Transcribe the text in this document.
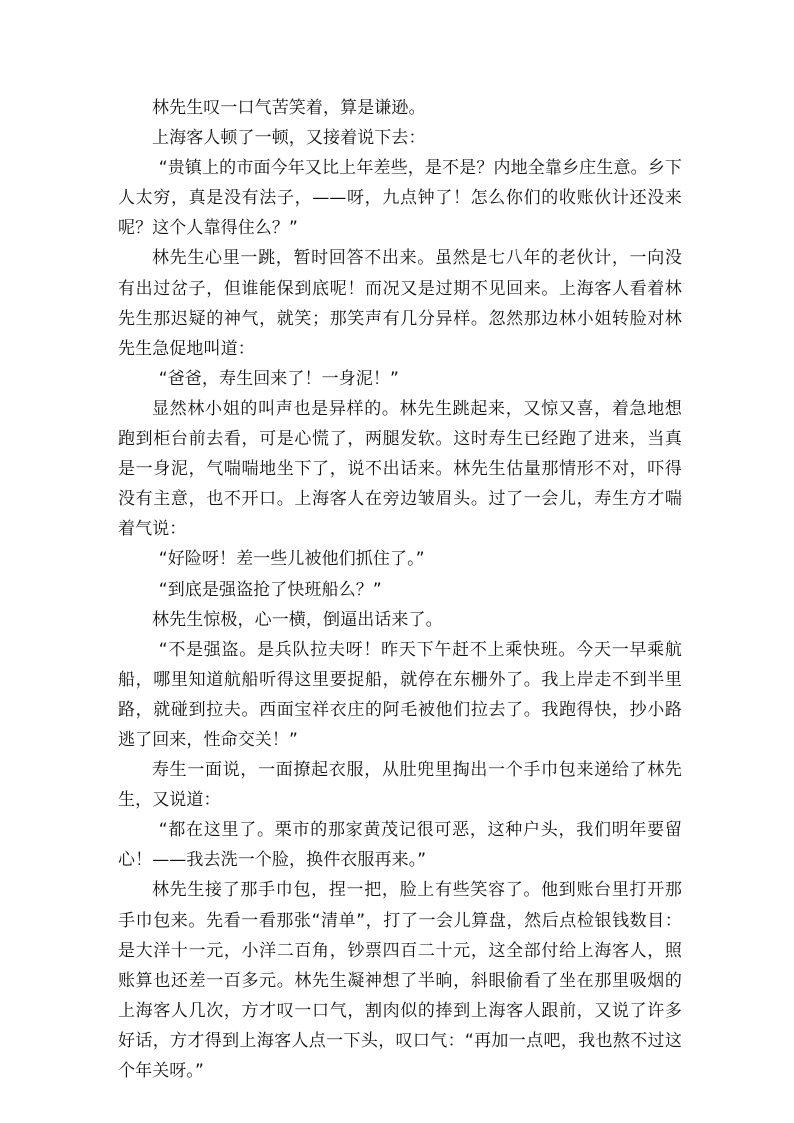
林先生叹一口气苦笑着，算是谦逊。

上海客人顿了一顿，又接着说下去：

“贵镇上的市面今年又比上年差些，是不是？内地全靠乡庄生意。乡下人太穷，真是没有法子，——呀，九点钟了！怎么你们的收账伙计还没来呢？这个人靠得住么？”

林先生心里一跳，暂时回答不出来。虽然是七八年的老伙计，一向没有出过岔子，但谁能保到底呢！而况又是过期不见回来。上海客人看着林先生那迟疑的神气，就笑；那笑声有几分异样。忽然那边林小姐转脸对林先生急促地叫道：

“爸爸，寿生回来了！一身泥！”

显然林小姐的叫声也是异样的。林先生跳起来，又惊又喜，着急地想跑到柜台前去看，可是心慌了，两腿发软。这时寿生已经跑了进来，当真是一身泥，气喘喘地坐下了，说不出话来。林先生估量那情形不对，吓得没有主意，也不开口。上海客人在旁边皱眉头。过了一会儿，寿生方才喘着气说：

“好险呀！差一些儿被他们抓住了。”

“到底是强盗抢了快班船么？”

林先生惊极，心一横，倒逼出话来了。

“不是强盗。是兵队拉夫呀！昨天下午赶不上乘快班。今天一早乘航船，哪里知道航船听得这里要捉船，就停在东栅外了。我上岸走不到半里路，就碰到拉夫。西面宝祥衣庄的阿毛被他们拉去了。我跑得快，抄小路逃了回来，性命交关！”

寿生一面说，一面撩起衣服，从肚兜里掏出一个手巾包来递给了林先生，又说道：

“都在这里了。栗市的那家黄茂记很可恶，这种户头，我们明年要留心！——我去洗一个脸，换件衣服再来。”

林先生接了那手巾包，捏一把，脸上有些笑容了。他到账台里打开那手巾包来。先看一看那张“清单”，打了一会儿算盘，然后点检银钱数目：是大洋十一元，小洋二百角，钞票四百二十元，这全部付给上海客人，照账算也还差一百多元。林先生凝神想了半晌，斜眼偷看了坐在那里吸烟的上海客人几次，方才叹一口气，割肉似的捧到上海客人跟前，又说了许多好话，方才得到上海客人点一下头，叹口气：“再加一点吧，我也熬不过这个年关呀。”
